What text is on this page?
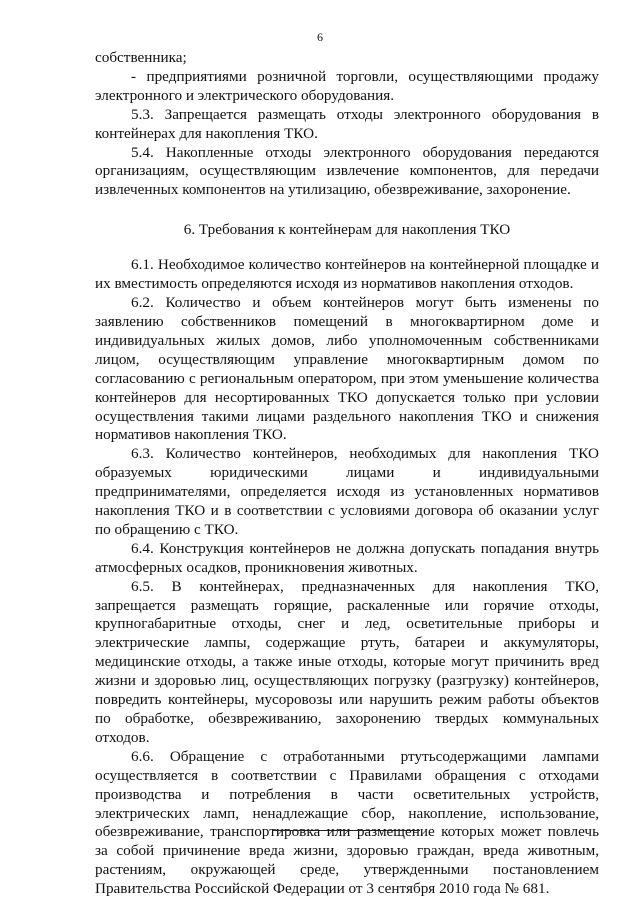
6

собственника;

- предприятиями розничной торговли, осуществляющими продажу электронного и электрического оборудования.

5.3. Запрещается размещать отходы электронного оборудования в контейнерах для накопления ТКО.

5.4. Накопленные отходы электронного оборудования передаются организациям, осуществляющим извлечение компонентов, для передачи извлеченных компонентов на утилизацию, обезвреживание, захоронение.

6. Требования к контейнерам для накопления ТКО

6.1. Необходимое количество контейнеров на контейнерной площадке и их вместимость определяются исходя из нормативов накопления отходов.

6.2. Количество и объем контейнеров могут быть изменены по заявлению собственников помещений в многоквартирном доме и индивидуальных жилых домов, либо уполномоченным собственниками лицом, осуществляющим управление многоквартирным домом по согласованию с региональным оператором, при этом уменьшение количества контейнеров для несортированных ТКО допускается только при условии осуществления такими лицами раздельного накопления ТКО и снижения нормативов накопления ТКО.

6.3. Количество контейнеров, необходимых для накопления ТКО образуемых юридическими лицами и индивидуальными предпринимателями, определяется исходя из установленных нормативов накопления ТКО и в соответствии с условиями договора об оказании услуг по обращению с ТКО.

6.4. Конструкция контейнеров не должна допускать попадания внутрь атмосферных осадков, проникновения животных.

6.5. В контейнерах, предназначенных для накопления ТКО, запрещается размещать горящие, раскаленные или горячие отходы, крупногабаритные отходы, снег и лед, осветительные приборы и электрические лампы, содержащие ртуть, батареи и аккумуляторы, медицинские отходы, а также иные отходы, которые могут причинить вред жизни и здоровью лиц, осуществляющих погрузку (разгрузку) контейнеров, повредить контейнеры, мусоровозы или нарушить режим работы объектов по обработке, обезвреживанию, захоронению твердых коммунальных отходов.

6.6. Обращение с отработанными ртутьсодержащими лампами осуществляется в соответствии с Правилами обращения с отходами производства и потребления в части осветительных устройств, электрических ламп, ненадлежащие сбор, накопление, использование, обезвреживание, транспортировка или размещение которых может повлечь за собой причинение вреда жизни, здоровью граждан, вреда животным, растениям, окружающей среде, утвержденными постановлением Правительства Российской Федерации от 3 сентября 2010 года № 681.
